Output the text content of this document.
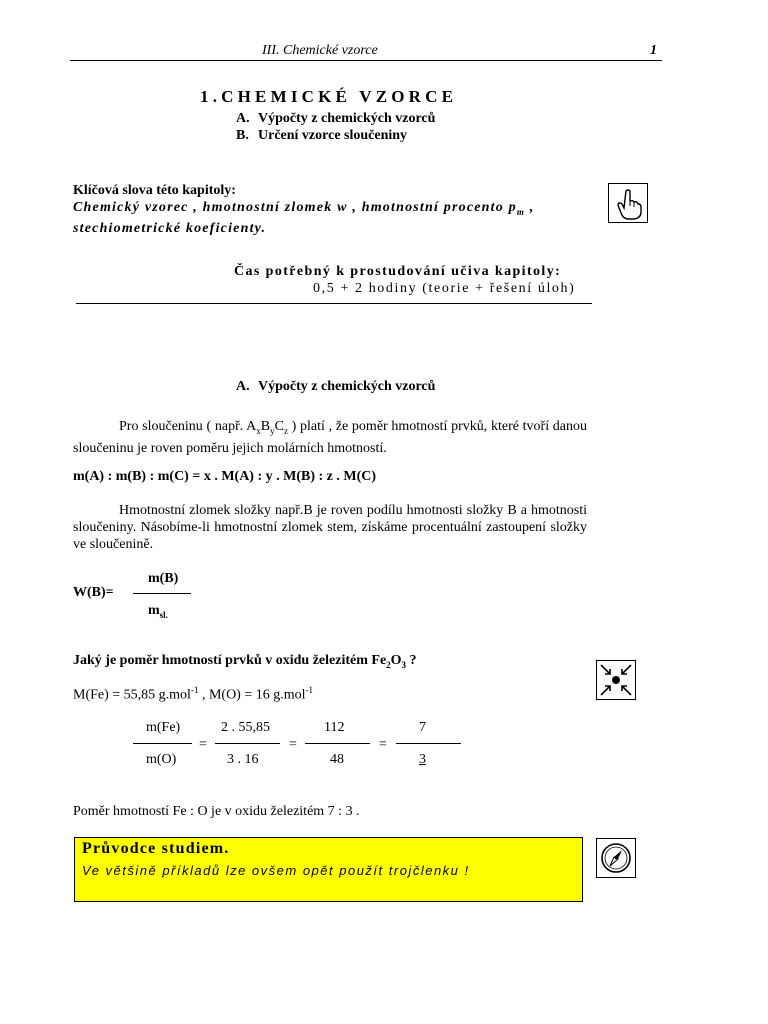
III. Chemické vzorce	1
1.CHEMICKÉ VZORCE
A. Výpočty z chemických vzorců
B. Určení vzorce sloučeniny
Klíčová slova této kapitoly:
Chemický vzorec , hmotnostní zlomek w , hmotnostní procento $p_m$ ,
stechiometrické koeficienty.
Čas potřebný k prostudování učiva kapitoly:
0,5 + 2 hodiny (teorie + řešení úloh)
A. Výpočty z chemických vzorců
Pro sloučeninu ( např. $A_xB_yC_z$ ) platí , že poměr hmotností prvků, které tvoří danou sloučeninu je roven poměru jejich molárních hmotností.
m(A) : m(B) : m(C) = x . M(A) : y . M(B) : z . M(C)
Hmotnostní zlomek složky např.B je roven podílu hmotnosti složky B a hmotnosti sloučeniny. Násobíme-li hmotnostní zlomek stem, získáme procentuální zastoupení složky ve sloučenině.
W(B)=
m(B)
$m_{sl.}$
Jaký je poměr hmotností prvků v oxidu železitém $Fe_2O_3$ ?
M(Fe) = 55,85 g.mol$^{-1}$ , M(O) = 16 g.mol$^{-1}$
m(Fe)
m(O)
=
2 . 55,85
3 . 16
=
112
48
=
7
3
Poměr hmotností Fe : O je v oxidu železitém 7 : 3 .
Průvodce studiem.
Ve většině příkladů lze ovšem opět použít trojčlenku !
